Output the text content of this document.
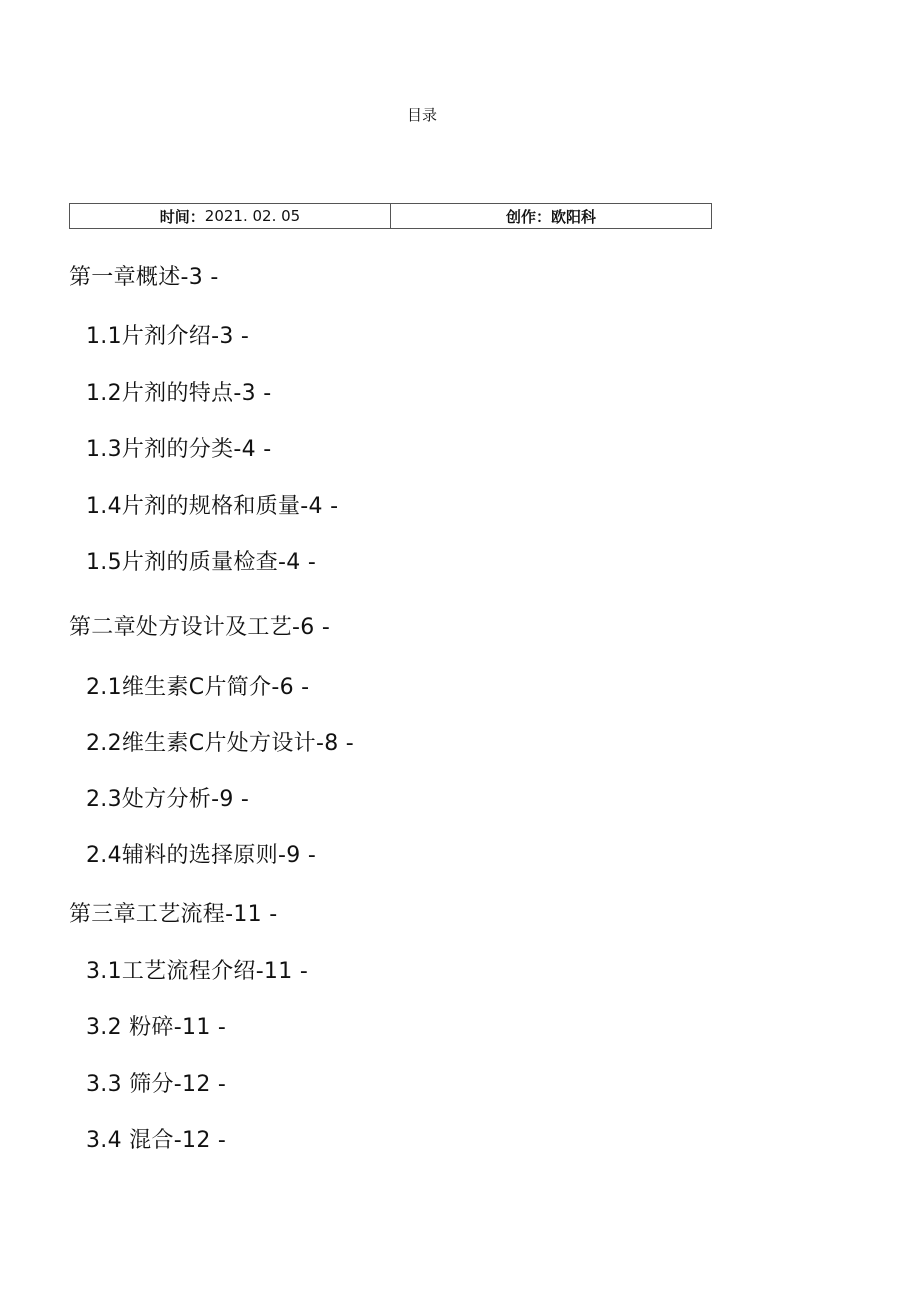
目录
时间： 2021. 02. 05	创作： 欧阳科
第一章概述-3 -
1.1片剂介绍-3 -
1.2片剂的特点-3 -
1.3片剂的分类-4 -
1.4片剂的规格和质量-4 -
1.5片剂的质量检查-4 -
第二章处方设计及工艺-6 -
2.1维生素C片简介-6 -
2.2维生素C片处方设计-8 -
2.3处方分析-9 -
2.4辅料的选择原则-9 -
第三章工艺流程-11 -
3.1工艺流程介绍-11 -
3.2 粉碎-11 -
3.3 筛分-12 -
3.4 混合-12 -
